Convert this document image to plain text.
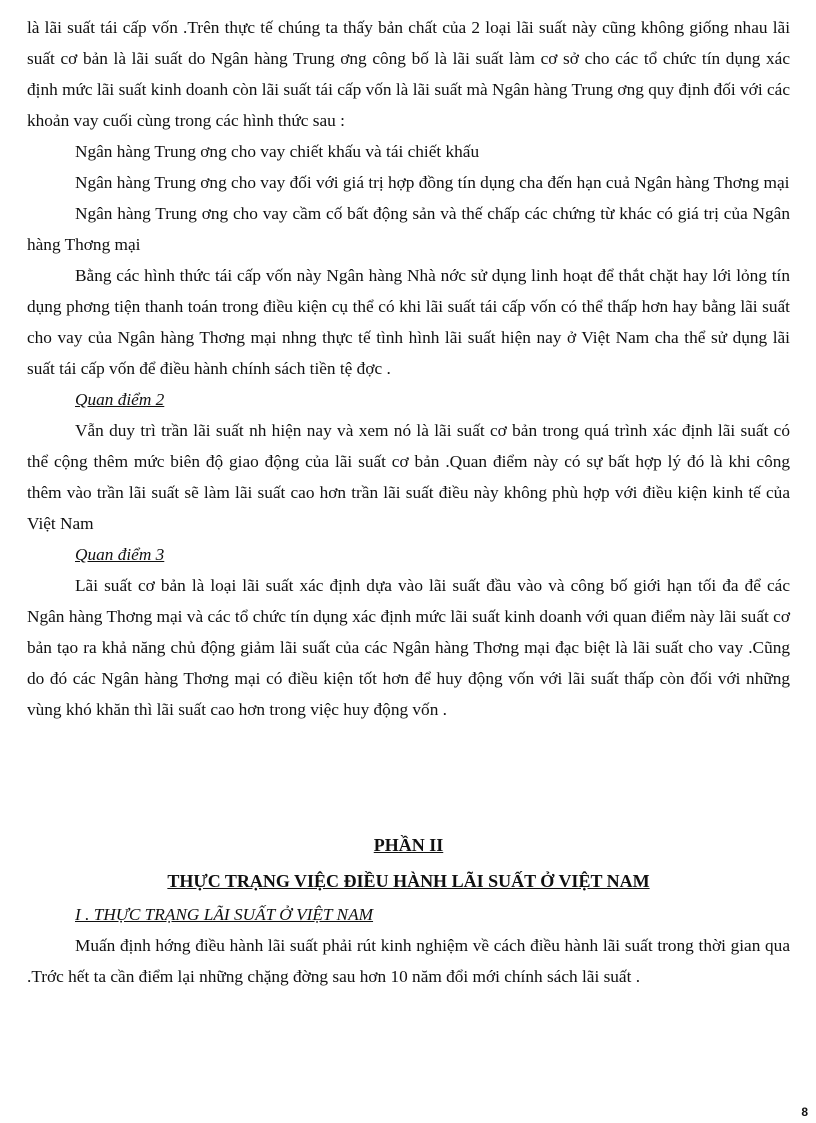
là lãi suất tái cấp vốn .Trên thực tế chúng ta thấy bản chất của 2 loại lãi suất này cũng không giống nhau lãi suất cơ bản là lãi suất do Ngân hàng Trung ơng công bố là lãi suất làm cơ sở cho các tổ chức tín dụng xác định mức lãi suất kinh doanh còn lãi suất tái cấp vốn là lãi suất mà Ngân hàng Trung ơng quy định đối với các khoản vay cuối cùng trong các hình thức sau :

Ngân hàng Trung ơng cho vay chiết khấu và tái chiết khấu

Ngân hàng Trung ơng cho vay đối với giá trị hợp đồng tín dụng cha đến hạn cuả Ngân hàng Thơng mại

Ngân hàng Trung ơng cho vay cầm cố bất động sản và thế chấp các chứng từ khác có giá trị của Ngân hàng Thơng mại

Bằng các hình thức tái cấp vốn này Ngân hàng Nhà nớc sử dụng linh hoạt để thắt chặt hay lới lỏng tín dụng phơng tiện thanh toán trong điều kiện cụ thể có khi lãi suất tái cấp vốn có thể thấp hơn hay bằng lãi suất cho vay của Ngân hàng Thơng mại nhng thực tế tình hình lãi suất hiện nay ở Việt Nam cha thể sử dụng lãi suất tái cấp vốn để điều hành chính sách tiền tệ đợc .

Quan điểm 2

Vẫn duy trì trần lãi suất nh hiện nay và xem nó là lãi suất cơ bản trong quá trình xác định lãi suất có thể cộng thêm mức biên độ giao động của lãi suất cơ bản .Quan điểm này có sự bất hợp lý đó là khi công thêm vào trần lãi suất sẽ làm lãi suất cao hơn trần lãi suất điều này không phù hợp với điều kiện kinh tế của Việt Nam

Quan điểm 3

Lãi suất cơ bản là loại lãi suất xác định dựa vào lãi suất đầu vào và công bố giới hạn tối đa để các Ngân hàng Thơng mại và các tổ chức tín dụng xác định mức lãi suất kinh doanh với quan điểm này lãi suất cơ bản tạo ra khả năng chủ động giảm lãi suất của các Ngân hàng Thơng mại đạc biệt là lãi suất cho vay .Cũng do đó các Ngân hàng Thơng mại có điều kiện tốt hơn để huy động vốn với lãi suất thấp còn đối với những vùng khó khăn thì lãi suất cao hơn trong việc huy động vốn .

PHẦN II

THỰC TRẠNG VIỆC ĐIỀU HÀNH LÃI SUẤT Ở VIỆT NAM

I . THỰC TRẠNG LÃI SUẤT Ở VIỆT NAM

Muấn định hớng điều hành lãi suất phải rút kinh nghiệm về cách điều hành lãi suất trong thời gian qua .Trớc hết ta cần điểm lại những chặng đờng sau hơn 10 năm đổi mới chính sách lãi suất .

8
